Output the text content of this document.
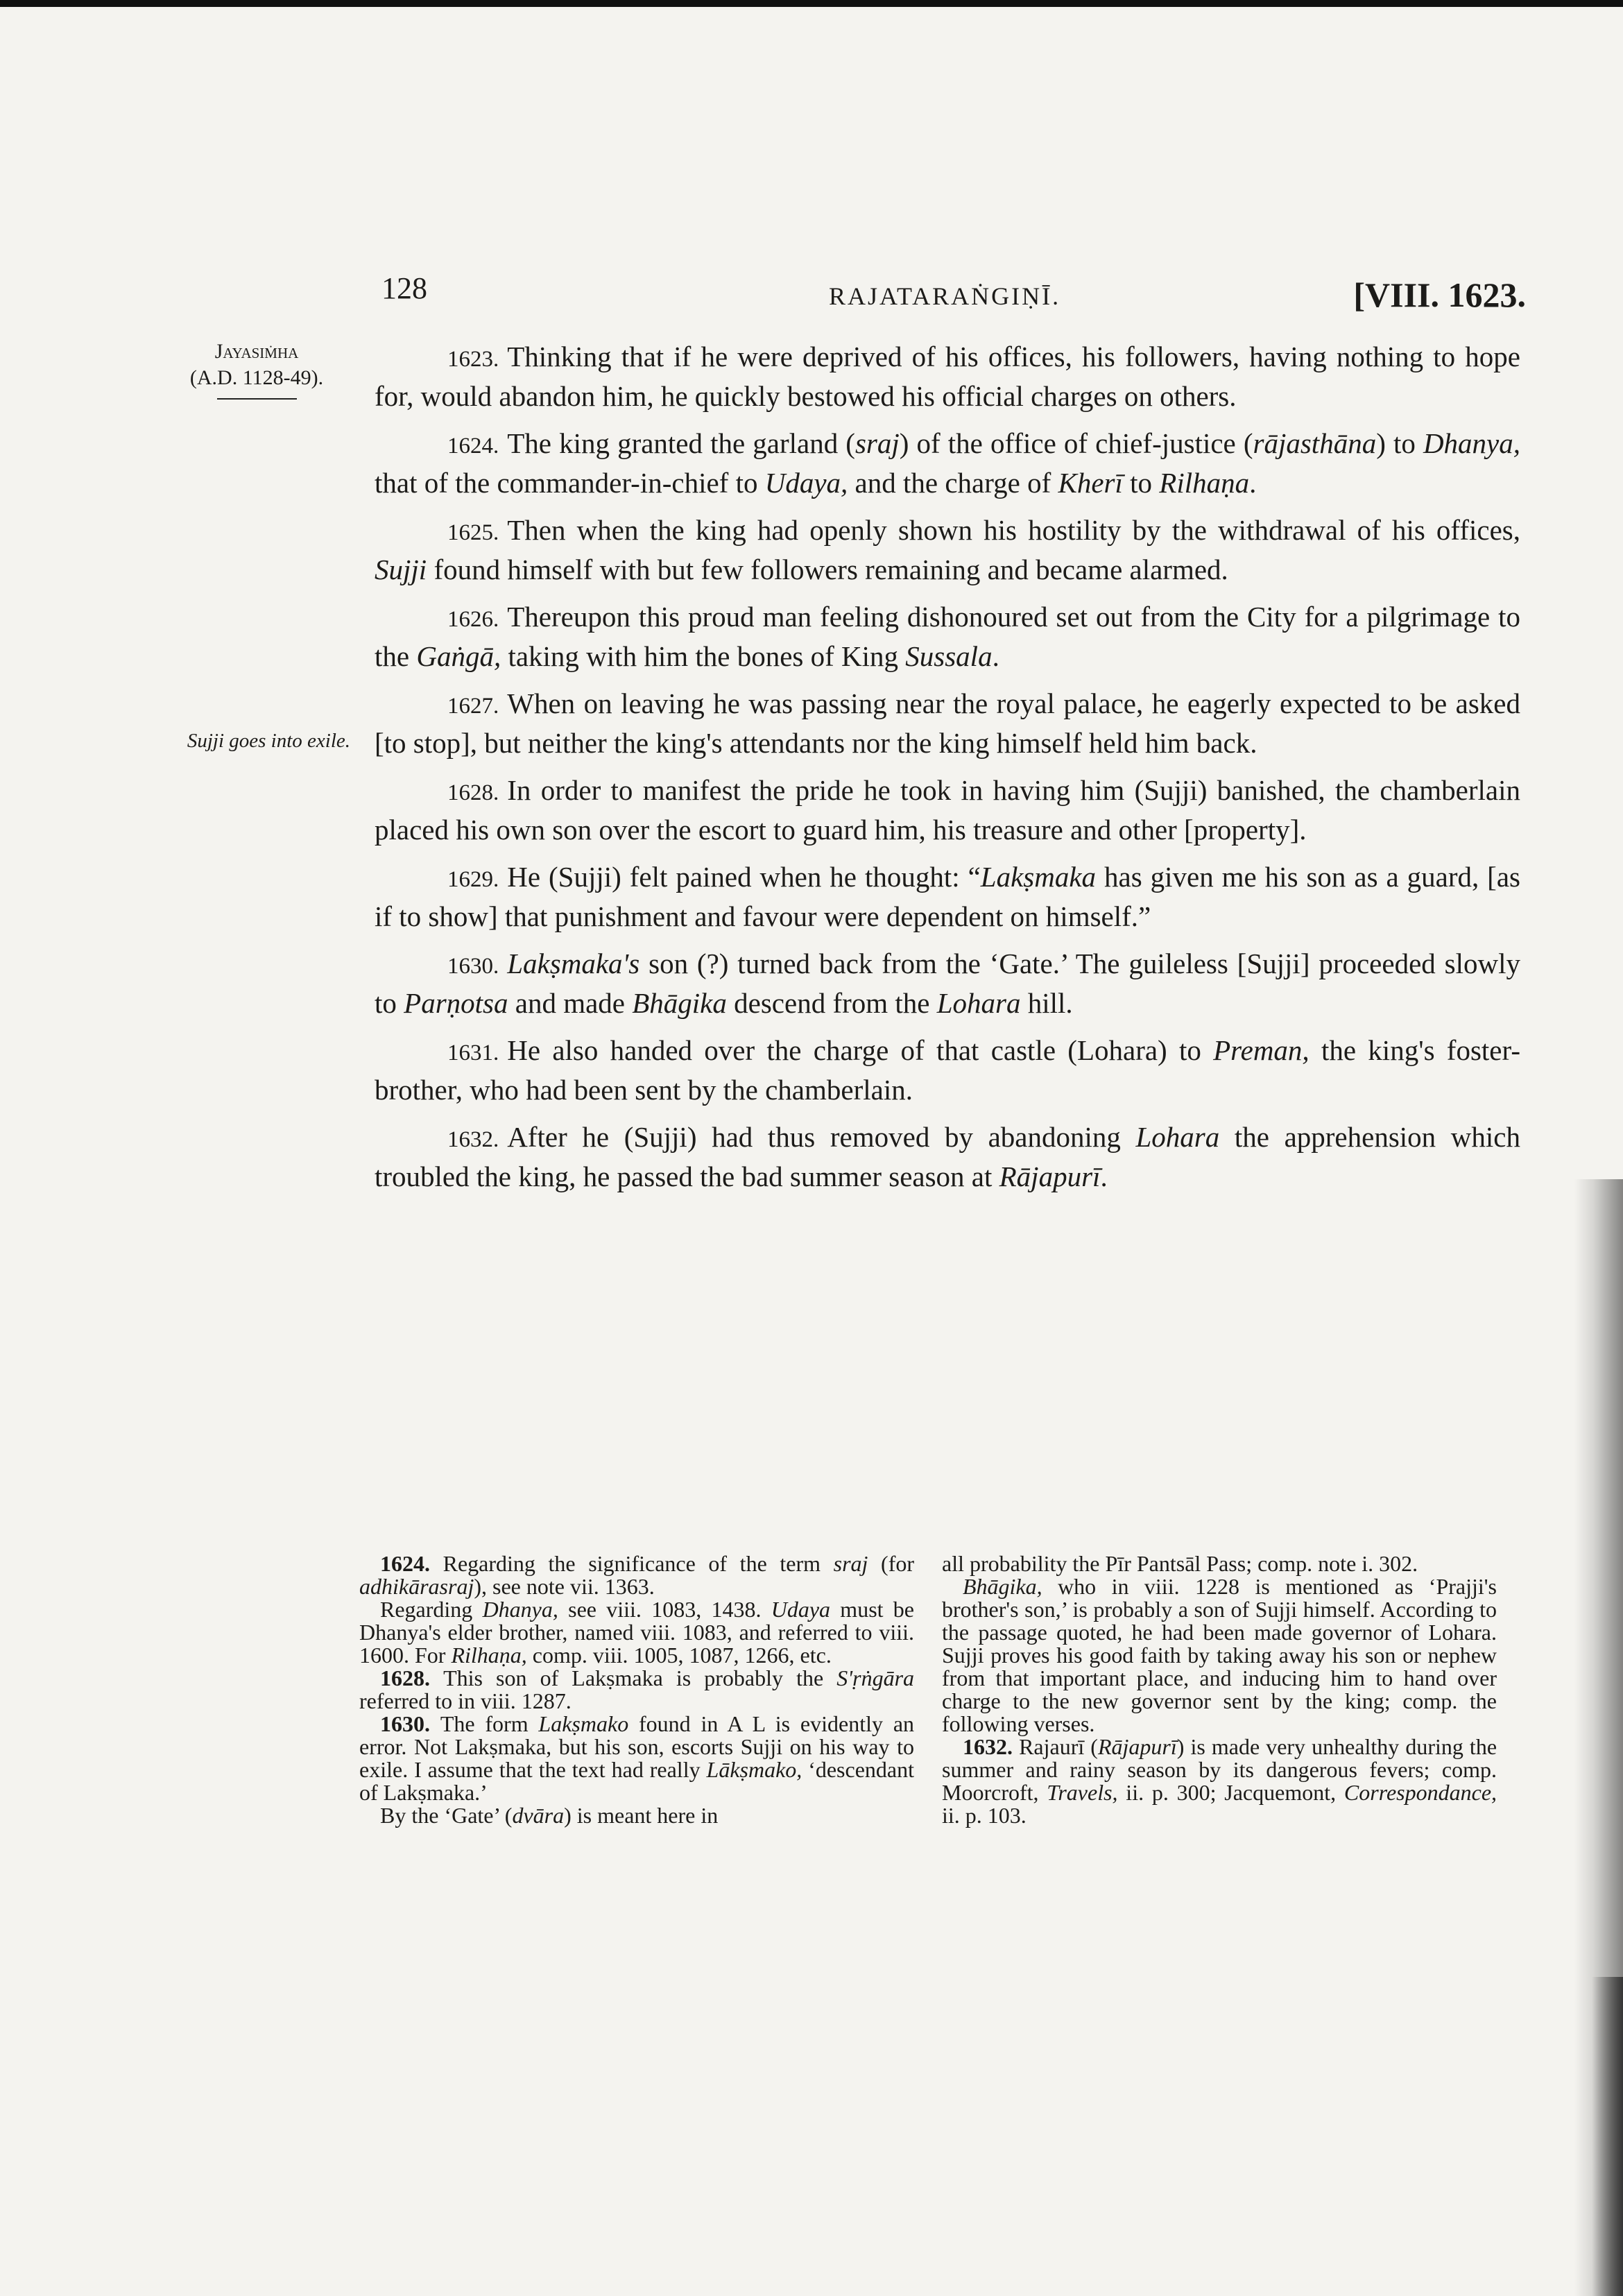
128	RAJATARAṄGIṆĪ.	[VIII. 1623.
Jayasiṁha
(A.D. 1128-49).
Sujji goes into exile.

1623. Thinking that if he were deprived of his offices, his followers, having nothing to hope for, would abandon him, he quickly bestowed his official charges on others.

1624. The king granted the garland (sraj) of the office of chief-justice (rājasthāna) to Dhanya, that of the commander-in-chief to Udaya, and the charge of Kherī to Rilhaṇa.

1625. Then when the king had openly shown his hostility by the withdrawal of his offices, Sujji found himself with but few followers remaining and became alarmed.

1626. Thereupon this proud man feeling dishonoured set out from the City for a pilgrimage to the Gaṅgā, taking with him the bones of King Sussala.

1627. When on leaving he was passing near the royal palace, he eagerly expected to be asked [to stop], but neither the king's attendants nor the king himself held him back.

1628. In order to manifest the pride he took in having him (Sujji) banished, the chamberlain placed his own son over the escort to guard him, his treasure and other [property].

1629. He (Sujji) felt pained when he thought: “Lakṣmaka has given me his son as a guard, [as if to show] that punishment and favour were dependent on himself.”

1630. Lakṣmaka's son (?) turned back from the ‘Gate.’ The guileless [Sujji] proceeded slowly to Parṇotsa and made Bhāgika descend from the Lohara hill.

1631. He also handed over the charge of that castle (Lohara) to Preman, the king's foster-brother, who had been sent by the chamberlain.

1632. After he (Sujji) had thus removed by abandoning Lohara the apprehension which troubled the king, he passed the bad summer season at Rājapurī.

1624. Regarding the significance of the term sraj (for adhikārasraj), see note vii. 1363.

Regarding Dhanya, see viii. 1083, 1438. Udaya must be Dhanya's elder brother, named viii. 1083, and referred to viii. 1600. For Rilhaṇa, comp. viii. 1005, 1087, 1266, etc.

1628. This son of Lakṣmaka is probably the S'ṛṅgāra referred to in viii. 1287.

1630. The form Lakṣmako found in A L is evidently an error. Not Lakṣmaka, but his son, escorts Sujji on his way to exile. I assume that the text had really Lākṣmako, ‘descendant of Lakṣmaka.’

By the ‘Gate’ (dvāra) is meant here in

all probability the Pīr Pantsāl Pass; comp. note i. 302.

Bhāgika, who in viii. 1228 is mentioned as ‘Prajji's brother's son,’ is probably a son of Sujji himself. According to the passage quoted, he had been made governor of Lohara. Sujji proves his good faith by taking away his son or nephew from that important place, and inducing him to hand over charge to the new governor sent by the king; comp. the following verses.

1632. Rajaurī (Rājapurī) is made very unhealthy during the summer and rainy season by its dangerous fevers; comp. Moorcroft, Travels, ii. p. 300; Jacquemont, Correspondance, ii. p. 103.
